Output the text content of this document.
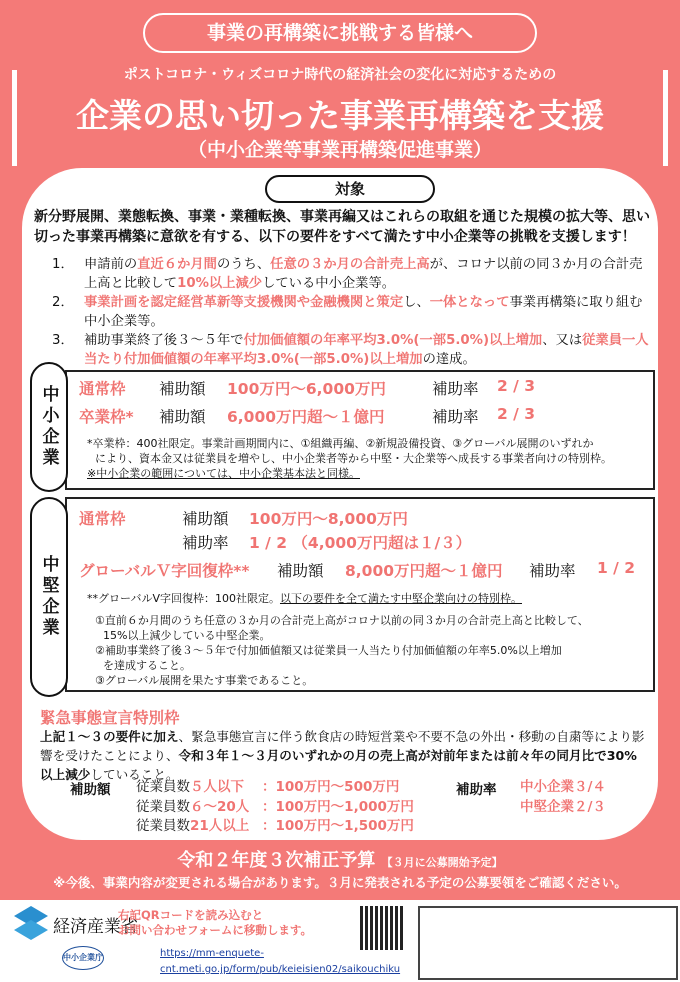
事業の再構築に挑戦する皆様へ
ポストコロナ・ウィズコロナ時代の経済社会の変化に対応するための
企業の思い切った事業再構築を支援
（中小企業等事業再構築促進事業）
対象
新分野展開、業態転換、事業・業種転換、事業再編又はこれらの取組を通じた規模の拡大等、思い切った事業再構築に意欲を有する、以下の要件をすべて満たす中小企業等の挑戦を支援します！
1． 申請前の直近６か月間のうち、任意の３か月の合計売上高が、コロナ以前の同３か月の合計売上高と比較して10%以上減少している中小企業等。
2． 事業計画を認定経営革新等支援機関や金融機関と策定し、一体となって事業再構築に取り組む中小企業等。
3． 補助事業終了後３～５年で付加価値額の年率平均3.0%(一部5.0%)以上増加、又は従業員一人当たり付加価値額の年率平均3.0%(一部5.0%)以上増加の達成。
通常枠 補助額 100万円～6,000万円	補助率 2 / 3
卒業枠* 補助額 6,000万円超～１億円	補助率 2 / 3
*卒業枠：400社限定。事業計画期間内に、①組織再編、②新規設備投資、③グローバル展開のいずれか
により、資本金又は従業員を増やし、中小企業者等から中堅・大企業等へ成長する事業者向けの特別枠。
※中小企業の範囲については、中小企業基本法と同様。
中小企業
通常枠	補助額 100万円～8,000万円
補助率 1 / 2 （4,000万円超は１/３）
グローバルＶ字回復枠** 補助額 8,000万円超～１億円 補助率 1 / 2
**グローバルV字回復枠：100社限定。以下の要件を全て満たす中堅企業向けの特別枠。
①直前６か月間のうち任意の３か月の合計売上高がコロナ以前の同３か月の合計売上高と比較して、
15%以上減少している中堅企業。
②補助事業終了後３～５年で付加価値額又は従業員一人当たり付加価値額の年率5.0%以上増加
を達成すること。
③グローバル展開を果たす事業であること。
中堅企業
緊急事態宣言特別枠
上記１～３の要件に加え、緊急事態宣言に伴う飲食店の時短営業や不要不急の外出・移動の自粛等により影響を受けたことにより、令和３年１～３月のいずれかの月の売上高が対前年または前々年の同月比で30%以上減少していること。
補助額 従業員数５人以下 ：100万円～500万円
従業員数６～20人 ：100万円～1,000万円
従業員数21人以上 ：100万円～1,500万円
補助率 中小企業３/４
中堅企業２/３
令和２年度３次補正予算 【３月に公募開始予定】
※今後、事業内容が変更される場合があります。３月に発表される予定の公募要領をご確認ください。
経済産業省
中小企業庁
右記QRコードを読み込むと
お問い合わせフォームに移動します。
https://mm-enquete-
cnt.meti.go.jp/form/pub/keieisien02/saikouchiku
